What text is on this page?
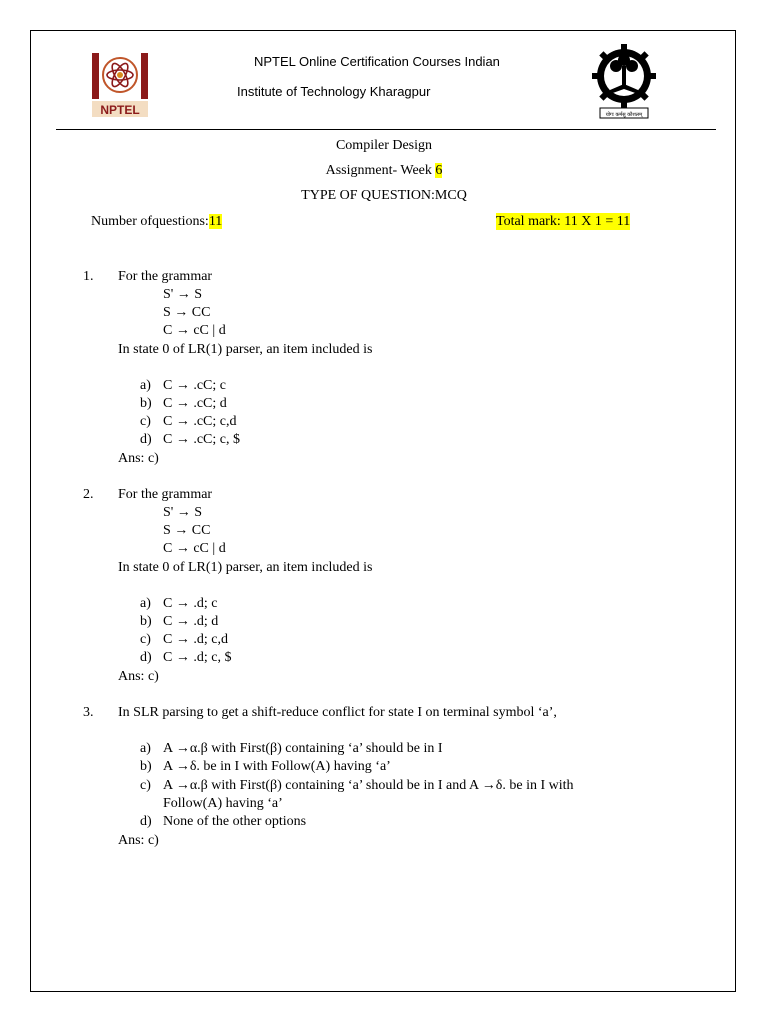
NPTEL
NPTEL Online Certification Courses Indian
Institute of Technology Kharagpur
योगः कर्मसु कौशलम्
Compiler Design
Assignment- Week 6
TYPE OF QUESTION:MCQ
Number ofquestions:11	Total mark: 11 X 1 = 11
1. For the grammar
S' → S
S → CC
C → cC | d
In state 0 of LR(1) parser, an item included is
a) C → .cC; c
b) C → .cC; d
c) C → .cC; c,d
d) C → .cC; c, $
Ans: c)
2. For the grammar
S' → S
S → CC
C → cC | d
In state 0 of LR(1) parser, an item included is
a) C → .d; c
b) C → .d; d
c) C → .d; c,d
d) C → .d; c, $
Ans: c)
3. In SLR parsing to get a shift-reduce conflict for state I on terminal symbol ‘a’,
a) A →α.β with First(β) containing ‘a’ should be in I
b) A →δ. be in I with Follow(A) having ‘a’
c) A →α.β with First(β) containing ‘a’ should be in I and A →δ. be in I with
Follow(A) having ‘a’
d) None of the other options
Ans: c)
